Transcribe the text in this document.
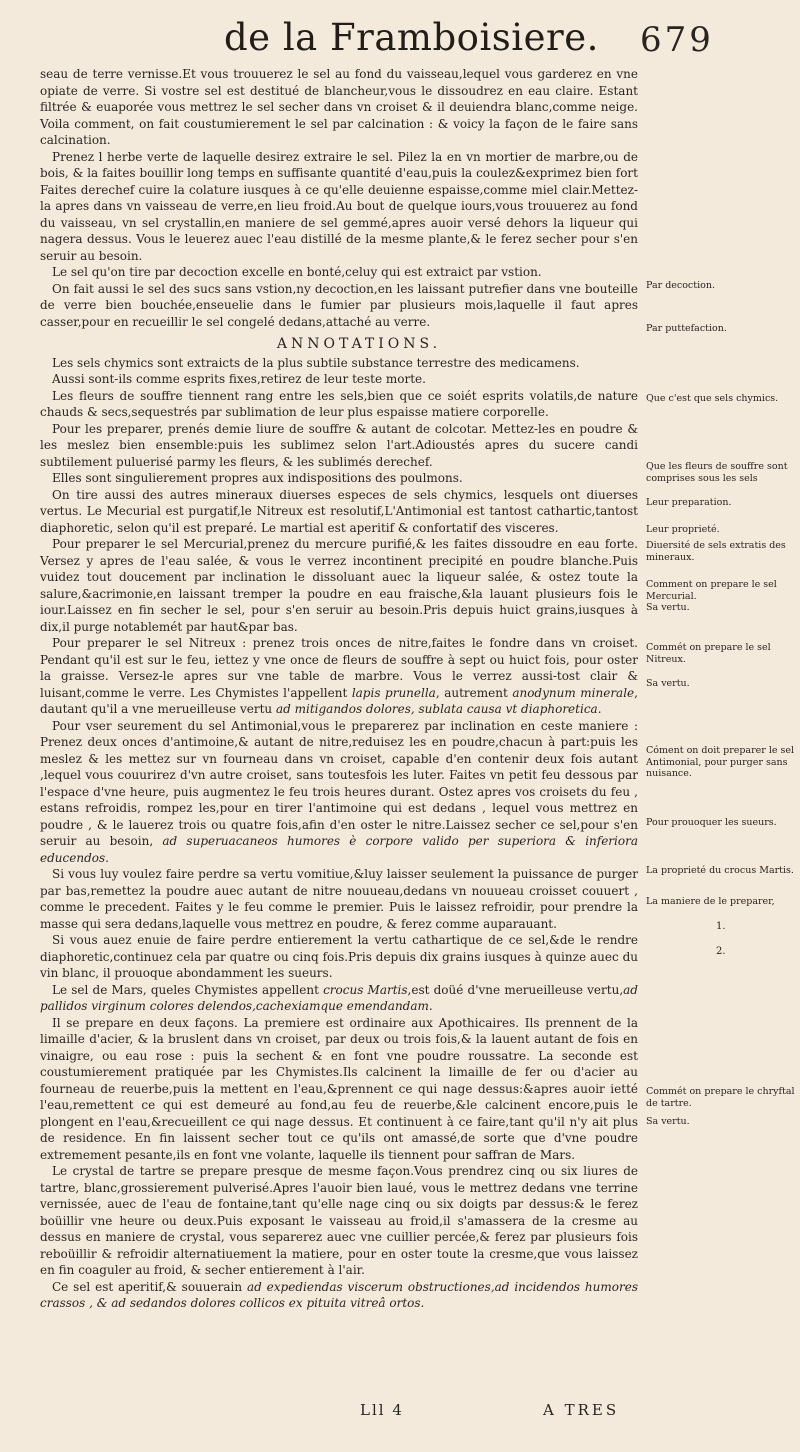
de la Framboisiere. 679

seau de terre vernisse.Et vous trouuerez le sel au fond du vaisseau,lequel vous garderez en vne opiate de verre. Si vostre sel est destitué de blancheur,vous le dissoudrez en eau claire. Estant filtrée & euaporée vous mettrez le sel secher dans vn croiset & il deuiendra blanc,comme neige. Voila comment, on fait coustumierement le sel par calcination : & voicy la façon de le faire sans calcination.

Prenez l herbe verte de laquelle desirez extraire le sel. Pilez la en vn mortier de marbre,ou de bois, & la faites bouillir long temps en suffisante quantité d'eau,puis la coulez&exprimez bien fort Faites derechef cuire la colature iusques à ce qu'elle deuienne espaisse,comme miel clair.Mettez-la apres dans vn vaisseau de verre,en lieu froid.Au bout de quelque iours,vous trouuerez au fond du vaisseau, vn sel crystallin,en maniere de sel gemmé,apres auoir versé dehors la liqueur qui nagera dessus. Vous le leuerez auec l'eau distillé de la mesme plante,& le ferez secher pour s'en seruir au besoin.

Le sel qu'on tire par decoction excelle en bonté,celuy qui est extraict par vstion.

On fait aussi le sel des sucs sans vstion,ny decoction,en les laissant putrefier dans vne bouteille de verre bien bouchée,enseuelie dans le fumier par plusieurs mois,laquelle il faut apres casser,pour en recueillir le sel congelé dedans,attaché au verre.

ANNOTATIONS.

Les sels chymics sont extraicts de la plus subtile substance terrestre des medicamens.

Aussi sont-ils comme esprits fixes,retirez de leur teste morte.

Les fleurs de souffre tiennent rang entre les sels,bien que ce soiét esprits volatils,de nature chauds & secs,sequestrés par sublimation de leur plus espaisse matiere corporelle.

Pour les preparer, prenés demie liure de souffre & autant de colcotar. Mettez-les en poudre & les meslez bien ensemble:puis les sublimez selon l'art.Adioustés apres du sucere candi subtilement puluerisé parmy les fleurs, & les sublimés derechef.

Elles sont singulierement propres aux indispositions des poulmons.

On tire aussi des autres mineraux diuerses especes de sels chymics, lesquels ont diuerses vertus. Le Mecurial est purgatif,le Nitreux est resolutif,L'Antimonial est tantost cathartic,tantost diaphoretic, selon qu'il est preparé. Le martial est aperitif & confortatif des visceres.

Pour preparer le sel Mercurial,prenez du mercure purifié,& les faites dissoudre en eau forte. Versez y apres de l'eau salée, & vous le verrez incontinent precipité en poudre blanche.Puis vuidez tout doucement par inclination le dissoluant auec la liqueur salée, & ostez toute la salure,&acrimonie,en laissant tremper la poudre en eau fraische,&la lauant plusieurs fois le iour.Laissez en fin secher le sel, pour s'en seruir au besoin.Pris depuis huict grains,iusques à dix,il purge notablemét par haut&par bas.

Pour preparer le sel Nitreux : prenez trois onces de nitre,faites le fondre dans vn croiset. Pendant qu'il est sur le feu, iettez y vne once de fleurs de souffre à sept ou huict fois, pour oster la graisse. Versez-le apres sur vne table de marbre. Vous le verrez aussi-tost clair & luisant,comme le verre. Les Chymistes l'appellent lapis prunella, autrement anodynum minerale, dautant qu'il a vne merueilleuse vertu ad mitigandos dolores, sublata causa vt diaphoretica.

Pour vser seurement du sel Antimonial,vous le preparerez par inclination en ceste maniere : Prenez deux onces d'antimoine,& autant de nitre,reduisez les en poudre,chacun à part:puis les meslez & les mettez sur vn fourneau dans vn croiset, capable d'en contenir deux fois autant ,lequel vous couurirez d'vn autre croiset, sans toutesfois les luter. Faites vn petit feu dessous par l'espace d'vne heure, puis augmentez le feu trois heures durant. Ostez apres vos croisets du feu , estans refroidis, rompez les,pour en tirer l'antimoine qui est dedans , lequel vous mettrez en poudre , & le lauerez trois ou quatre fois,afin d'en oster le nitre.Laissez secher ce sel,pour s'en seruir au besoin, ad superuacaneos humores è corpore valido per superiora & inferiora educendos.

Si vous luy voulez faire perdre sa vertu vomitiue,&luy laisser seulement la puissance de purger par bas,remettez la poudre auec autant de nitre nouueau,dedans vn nouueau croisset couuert , comme le precedent. Faites y le feu comme le premier. Puis le laissez refroidir, pour prendre la masse qui sera dedans,laquelle vous mettrez en poudre, & ferez comme auparauant.

Si vous auez enuie de faire perdre entierement la vertu cathartique de ce sel,&de le rendre diaphoretic,continuez cela par quatre ou cinq fois.Pris depuis dix grains iusques à quinze auec du vin blanc, il prouoque abondamment les sueurs.

Le sel de Mars, queles Chymistes appellent crocus Martis,est doüé d'vne merueilleuse vertu,ad pallidos virginum colores delendos,cachexiamque emendandam.

Il se prepare en deux façons. La premiere est ordinaire aux Apothicaires. Ils prennent de la limaille d'acier, & la bruslent dans vn croiset, par deux ou trois fois,& la lauent autant de fois en vinaigre, ou eau rose : puis la sechent & en font vne poudre roussatre. La seconde est coustumierement pratiquée par les Chymistes.Ils calcinent la limaille de fer ou d'acier au fourneau de reuerbe,puis la mettent en l'eau,&prennent ce qui nage dessus:&apres auoir ietté l'eau,remettent ce qui est demeuré au fond,au feu de reuerbe,&le calcinent encore,puis le plongent en l'eau,&recueillent ce qui nage dessus. Et continuent à ce faire,tant qu'il n'y ait plus de residence. En fin laissent secher tout ce qu'ils ont amassé,de sorte que d'vne poudre extremement pesante,ils en font vne volante, laquelle ils tiennent pour saffran de Mars.

Le crystal de tartre se prepare presque de mesme façon.Vous prendrez cinq ou six liures de tartre, blanc,grossierement pulverisé.Apres l'auoir bien laué, vous le mettrez dedans vne terrine vernissée, auec de l'eau de fontaine,tant qu'elle nage cinq ou six doigts par dessus:& le ferez boüillir vne heure ou deux.Puis exposant le vaisseau au froid,il s'amassera de la cresme au dessus en maniere de crystal, vous separerez auec vne cuillier percée,& ferez par plusieurs fois reboüillir & refroidir alternatiuement la matiere, pour en oster toute la cresme,que vous laissez en fin coaguler au froid, & secher entierement à l'air.

Ce sel est aperitif,& souuerain ad expediendas viscerum obstructiones,ad incidendos humores crassos , & ad sedandos dolores collicos ex pituita vitreâ ortos.

Par decoction.
Par puttefaction.
Que c'est que sels chymics.
Que les fleurs de souffre sont comprises sous les sels
Leur preparation.
Leur proprieté.
Diuersité de sels extratis des mineraux.
Comment on prepare le sel Mercurial.
Sa vertu.
Commét on prepare le sel Nitreux.
Sa vertu.
Cóment on doit preparer le sel Antimonial, pour purger sans nuisance.
Pour prouoquer les sueurs.
La proprieté du crocus Martis.
La maniere de le preparer,
1.
2.
Commét on prepare le chryftal de tartre.
Sa vertu.
Lll 4	A TRES
